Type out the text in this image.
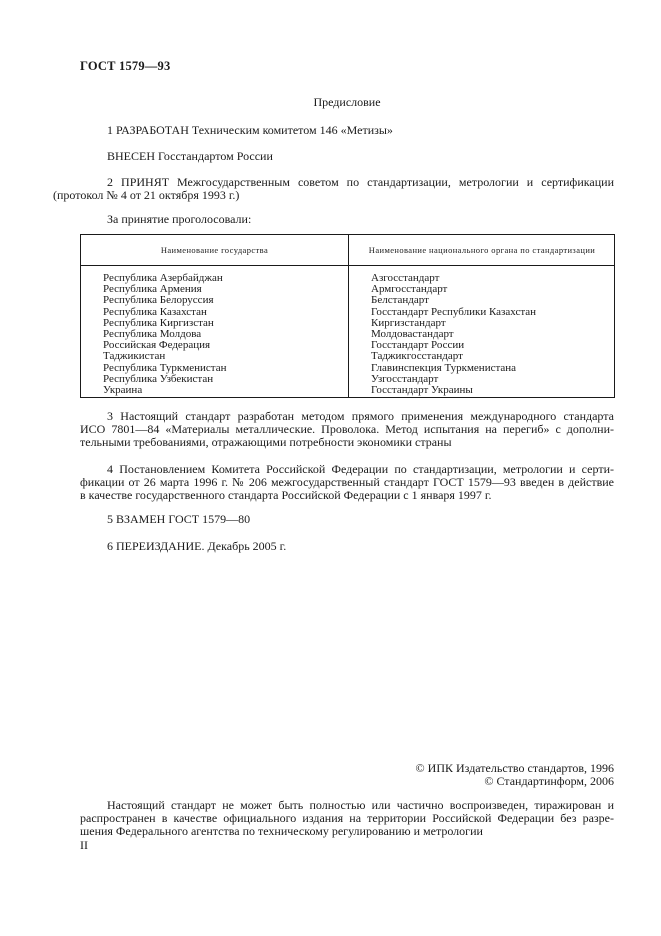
ГОСТ 1579—93

Предисловие

1 РАЗРАБОТАН Техническим комитетом 146 «Метизы»

ВНЕСЕН Госстандартом России

2 ПРИНЯТ Межгосударственным советом по стандартизации, метрологии и сертификации
(протокол № 4 от 21 октября 1993 г.)

За принятие проголосовали:

Наименование государства	Наименование национального органа по стандартизации
Республика Азербайджан
Республика Армения
Республика Белоруссия
Республика Казахстан
Республика Киргизстан
Республика Молдова
Российская Федерация
Таджикистан
Республика Туркменистан
Республика Узбекистан
Украина
Азгосстандарт
Армгосстандарт
Белстандарт
Госстандарт Республики Казахстан
Киргизстандарт
Молдовастандарт
Госстандарт России
Таджикгосстандарт
Главинспекция Туркменистана
Узгосстандарт
Госстандарт Украины

3 Настоящий стандарт разработан методом прямого применения международного стандарта
ИСО 7801—84 «Материалы металлические. Проволока. Метод испытания на перегиб» с дополни-
тельными требованиями, отражающими потребности экономики страны

4 Постановлением Комитета Российской Федерации по стандартизации, метрологии и серти-
фикации от 26 марта 1996 г. № 206 межгосударственный стандарт ГОСТ 1579—93 введен в действие
в качестве государственного стандарта Российской Федерации с 1 января 1997 г.

5 ВЗАМЕН ГОСТ 1579—80

6 ПЕРЕИЗДАНИЕ. Декабрь 2005 г.

© ИПК Издательство стандартов, 1996

© Стандартинформ, 2006

Настоящий стандарт не может быть полностью или частично воспроизведен, тиражирован и
распространен в качестве официального издания на территории Российской Федерации без разре-
шения Федерального агентства по техническому регулированию и метрологии

II
